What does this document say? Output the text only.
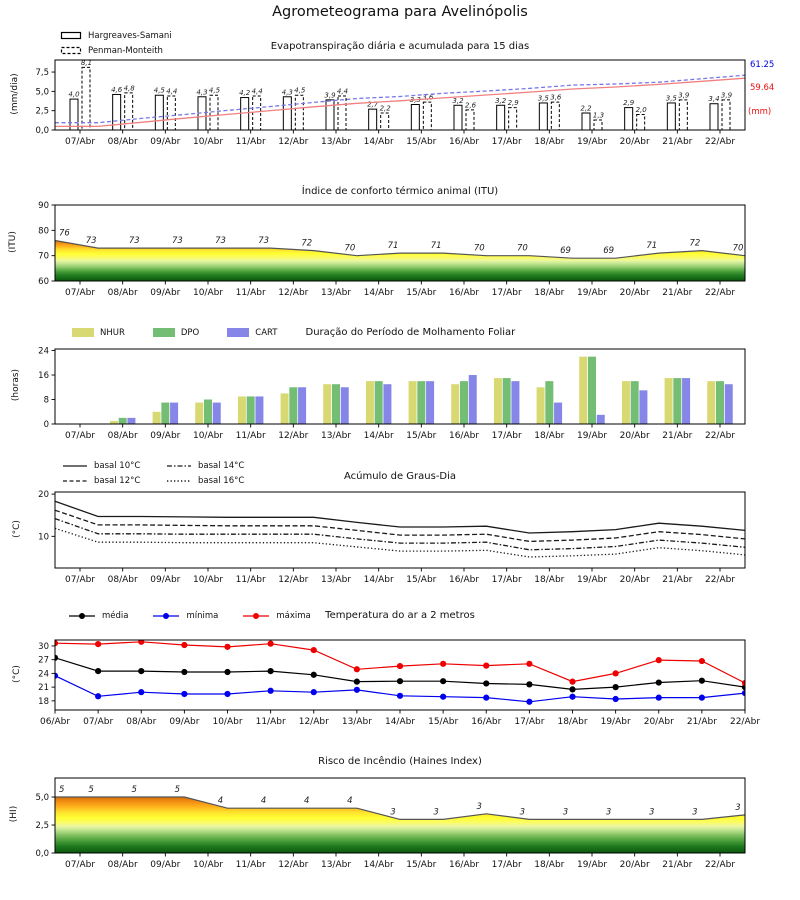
76
73	73	73	73	73	72
70	71	71	70	70	69	69
71	72
70
5	5	5	5
4	4	4	4
3	3
3
3	3	3	3	3	3
4,0
4,6	4,5	4,3	4,2	4,3	3,9
2,7
3,3	3,2	3,2	3,5
2,2
2,9
3,5	3,4
8,1
4,8	4,4	4,5	4,4	4,5	4,4
2,2
3,6
2,6	2,9
3,6
1,3
2,0
3,9	3,9
61.25
59.64
(mm)
07/Abr 08/Abr 09/Abr 10/Abr 11/Abr 12/Abr 13/Abr 14/Abr 15/Abr 16/Abr 17/Abr 18/Abr 19/Abr 20/Abr 21/Abr 22/Abr
0,0
2,5
5,0
7,5
07/Abr 08/Abr 09/Abr 10/Abr 11/Abr 12/Abr 13/Abr 14/Abr 15/Abr 16/Abr 17/Abr 18/Abr 19/Abr 20/Abr 21/Abr 22/Abr
60
70
80
90
07/Abr 08/Abr 09/Abr 10/Abr 11/Abr 12/Abr 13/Abr 14/Abr 15/Abr 16/Abr 17/Abr 18/Abr 19/Abr 20/Abr 21/Abr 22/Abr
0
8
16
24
07/Abr 08/Abr 09/Abr 10/Abr 11/Abr 12/Abr 13/Abr 14/Abr 15/Abr 16/Abr 17/Abr 18/Abr 19/Abr 20/Abr 21/Abr 22/Abr
10
20
06/Abr 07/Abr 08/Abr 09/Abr 10/Abr 11/Abr 12/Abr 13/Abr 14/Abr 15/Abr 16/Abr 17/Abr 18/Abr 19/Abr 20/Abr 21/Abr 22/Abr
18
21
24
27
30
07/Abr 08/Abr 09/Abr 10/Abr 11/Abr 12/Abr 13/Abr 14/Abr 15/Abr 16/Abr 17/Abr 18/Abr 19/Abr 20/Abr 21/Abr 22/Abr
0,0
2,5
5,0
Agrometeograma para Avelinópolis
Evapotranspiração diária e acumulada para 15 dias
(mm/dia)
Hargreaves-Samani
Penman-Monteith
Índice de conforto térmico animal (ITU)
(ITU)
NHUR	DPO	CART	Duração do Período de Molhamento Foliar
(horas)
Acúmulo de Graus-Dia
(°C)
basal 10°C	basal 14°C
basal 12°C	basal 16°C
Temperatura do ar a 2 metros
(°C)
média	mínima	máxima
Risco de Incêndio (Haines Index)
(HI)
